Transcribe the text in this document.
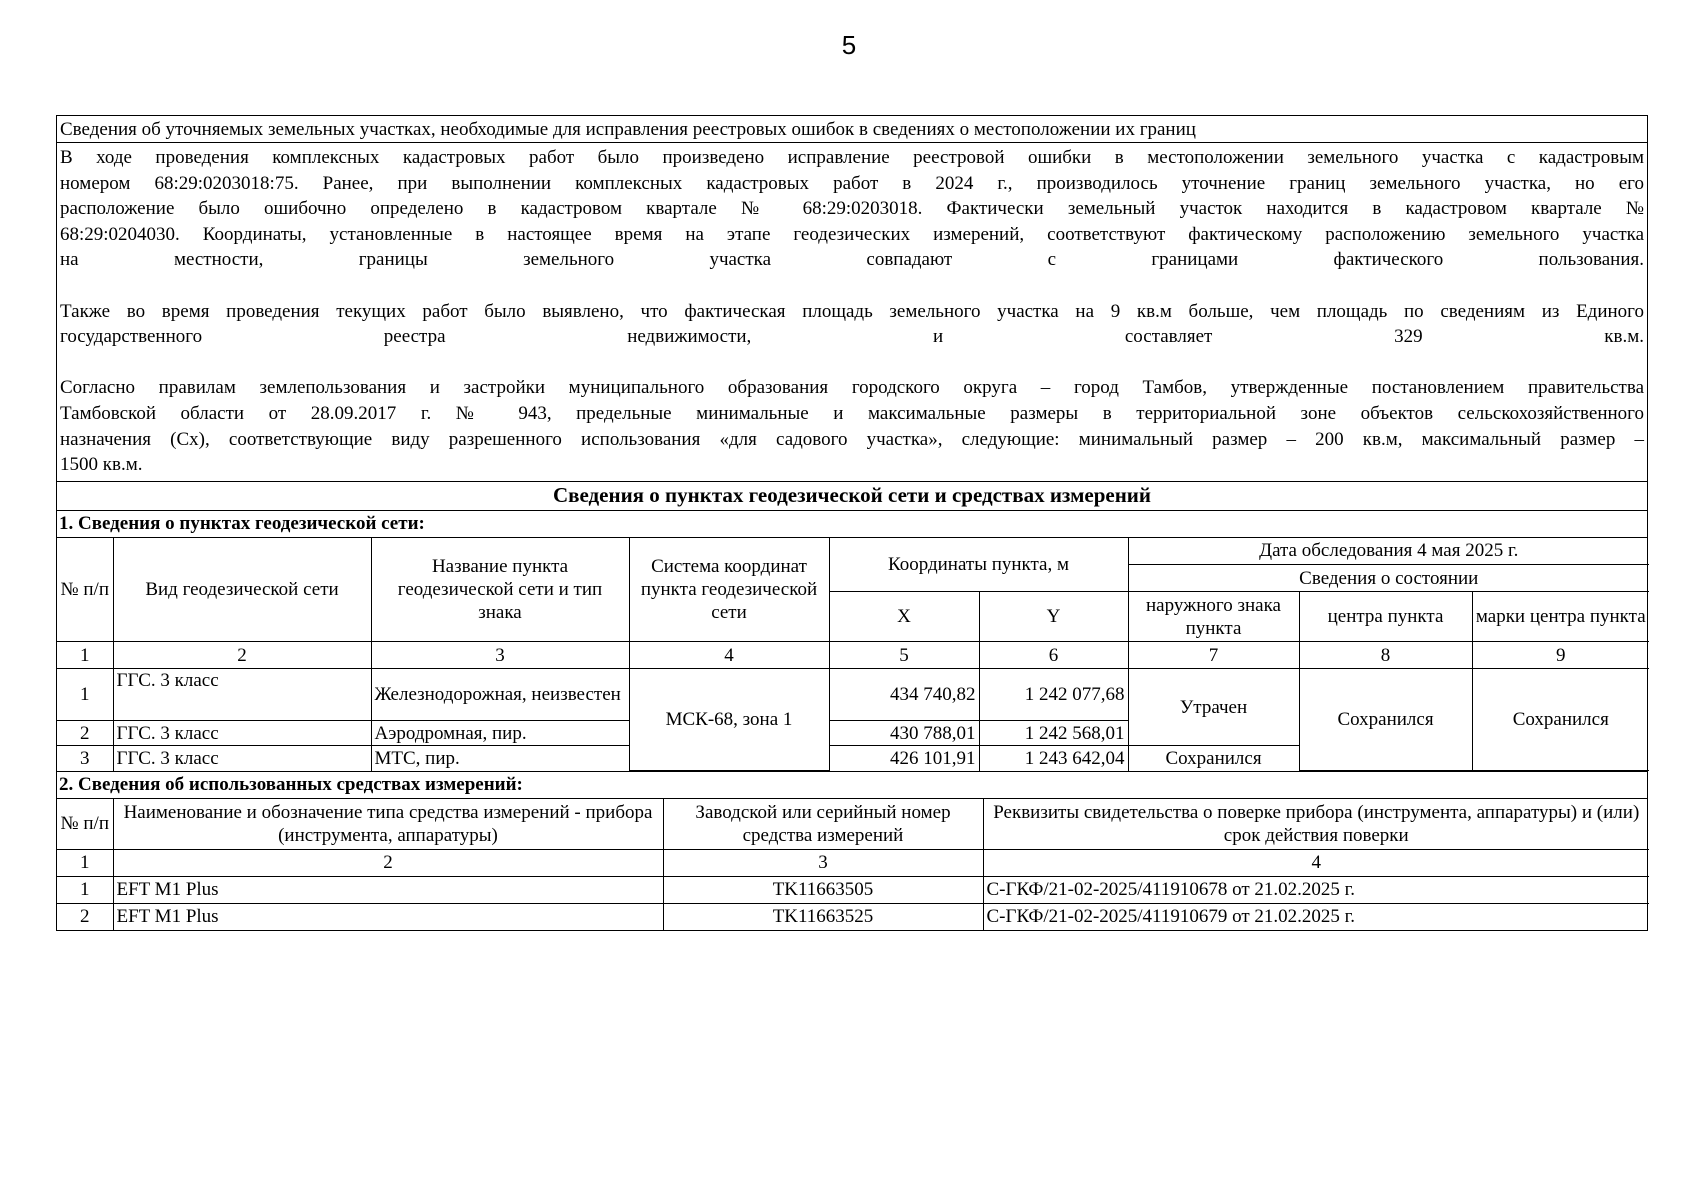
5
Сведения об уточняемых земельных участках, необходимые для исправления реестровых ошибок в сведениях о местоположении их границ

В ходе проведения комплексных кадастровых работ было произведено исправление реестровой ошибки в местоположении земельного участка с кадастровым

номером 68:29:0203018:75. Ранее, при выполнении комплексных кадастровых работ в 2024 г., производилось уточнение границ земельного участка, но его

расположение было ошибочно определено в кадастровом квартале № 68:29:0203018. Фактически земельный участок находится в кадастровом квартале №

68:29:0204030. Координаты, установленные в настоящее время на этапе геодезических измерений, соответствуют фактическому расположению земельного участка

на местности, границы земельного участка совпадают с границами фактического пользования.

Также во время проведения текущих работ было выявлено, что фактическая площадь земельного участка на 9 кв.м больше, чем площадь по сведениям из Единого

государственного реестра недвижимости, и составляет 329 кв.м.

Согласно правилам землепользования и застройки муниципального образования городского округа – город Тамбов, утвержденные постановлением правительства

Тамбовской области от 28.09.2017 г. № 943, предельные минимальные и максимальные размеры в территориальной зоне объектов сельскохозяйственного

назначения (Сх), соответствующие виду разрешенного использования «для садового участка», следующие: минимальный размер – 200 кв.м, максимальный размер –

1500 кв.м.

Сведения о пунктах геодезической сети и средствах измерений
1. Сведения о пунктах геодезической сети:
№ п/п	Вид геодезической сети	Название пункта геодезической сети и тип знака	Система координат пункта геодезической сети	Координаты пункта, м		Дата обследования 4 мая 2025 г.		
						Сведения о состоянии		
				X	Y	наружного знака пункта	центра пункта	марки центра пункта
1	2	3	4	5	6	7	8	9
1	ГГС. 3 класс	Железнодорожная, неизвестен	МСК-68, зона 1	434 740,82	1 242 077,68	Утрачен	Сохранился	Сохранился
2	ГГС. 3 класс	Аэродромная, пир.		430 788,01	1 242 568,01			
3	ГГС. 3 класс	МТС, пир.		426 101,91	1 243 642,04	Сохранился		
2. Сведения об использованных средствах измерений:
№ п/п	Наименование и обозначение типа средства измерений - прибора (инструмента, аппаратуры)	Заводской или серийный номер средства измерений	Реквизиты свидетельства о поверке прибора (инструмента, аппаратуры) и (или) срок действия поверки
1	2	3	4
1	EFT M1 Plus	TK11663505	С-ГКФ/21-02-2025/411910678 от 21.02.2025 г.
2	EFT M1 Plus	TK11663525	С-ГКФ/21-02-2025/411910679 от 21.02.2025 г.
